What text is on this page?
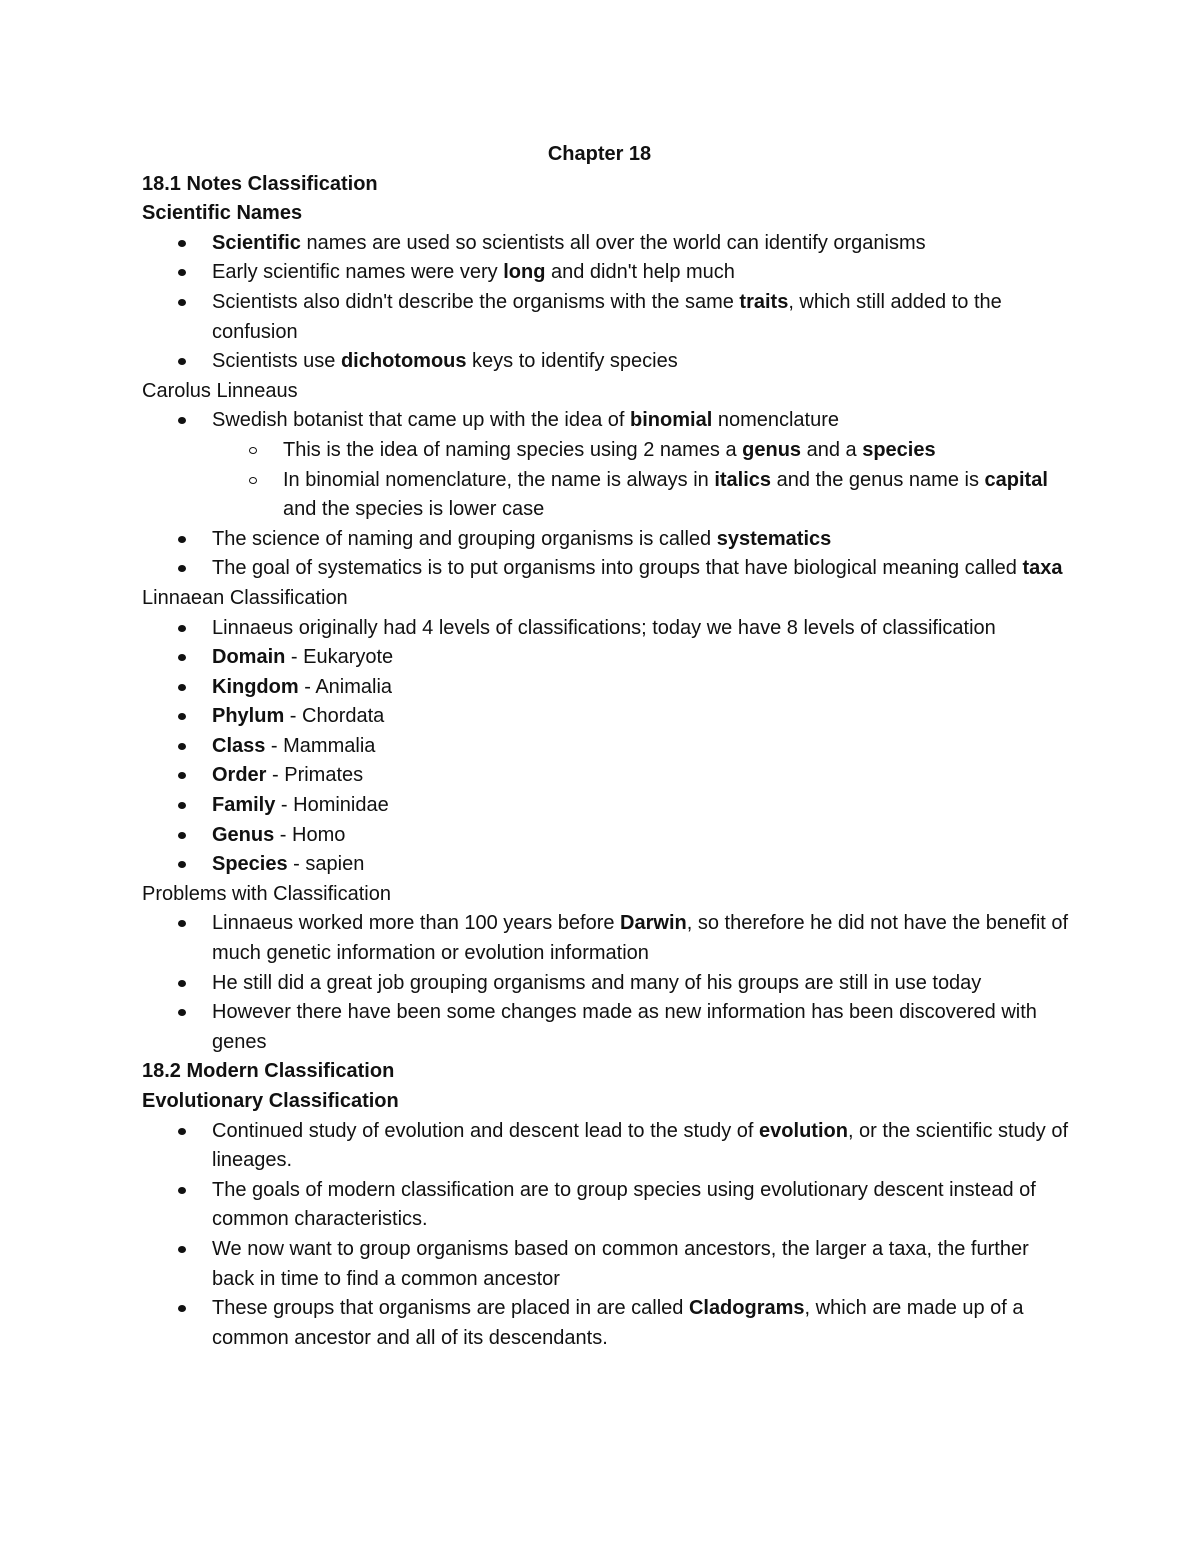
Chapter 18

18.1 Notes Classification

Scientific Names

Scientific names are used so scientists all over the world can identify organisms
Early scientific names were very long and didn't help much
Scientists also didn't describe the organisms with the same traits, which still added to the confusion
Scientists use dichotomous keys to identify species

Carolus Linneaus

Swedish botanist that came up with the idea of binomial nomenclature
This is the idea of naming species using 2 names a genus and a species
In binomial nomenclature, the name is always in italics and the genus name is capital and the species is lower case
The science of naming and grouping organisms is called systematics
The goal of systematics is to put organisms into groups that have biological meaning called taxa

Linnaean Classification

Linnaeus originally had 4 levels of classifications; today we have 8 levels of classification
Domain - Eukaryote
Kingdom - Animalia
Phylum - Chordata
Class - Mammalia
Order - Primates
Family - Hominidae
Genus - Homo
Species - sapien

Problems with Classification

Linnaeus worked more than 100 years before Darwin, so therefore he did not have the benefit of much genetic information or evolution information
He still did a great job grouping organisms and many of his groups are still in use today
However there have been some changes made as new information has been discovered with genes

18.2 Modern Classification

Evolutionary Classification

Continued study of evolution and descent lead to the study of evolution, or the scientific study of lineages.
The goals of modern classification are to group species using evolutionary descent instead of common characteristics.
We now want to group organisms based on common ancestors, the larger a taxa, the further back in time to find a common ancestor
These groups that organisms are placed in are called Cladograms, which are made up of a common ancestor and all of its descendants.
